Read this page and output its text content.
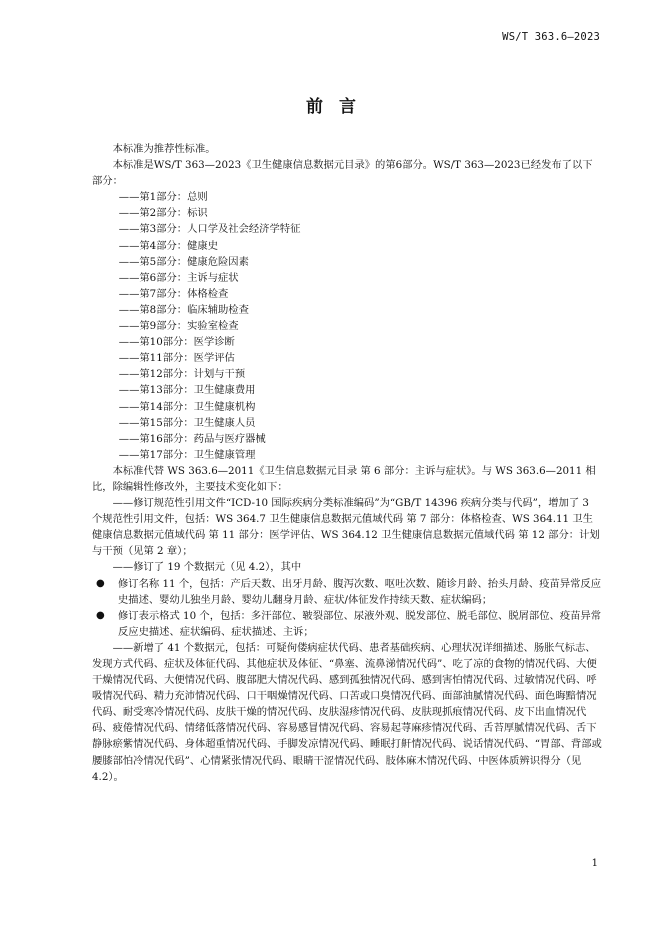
WS/T 363.6—2023
前言

本标准为推荐性标准。

本标准是WS/T 363—2023《卫生健康信息数据元目录》的第6部分。WS/T 363—2023已经发布了以下部分：

——第1部分：总则

——第2部分：标识

——第3部分：人口学及社会经济学特征

——第4部分：健康史

——第5部分：健康危险因素

——第6部分：主诉与症状

——第7部分：体格检查

——第8部分：临床辅助检查

——第9部分：实验室检查

——第10部分：医学诊断

——第11部分：医学评估

——第12部分：计划与干预

——第13部分：卫生健康费用

——第14部分：卫生健康机构

——第15部分：卫生健康人员

——第16部分：药品与医疗器械

——第17部分：卫生健康管理

本标准代替 WS 363.6—2011《卫生信息数据元目录 第 6 部分：主诉与症状》。与 WS 363.6—2011 相比，除编辑性修改外，主要技术变化如下：

——修订规范性引用文件“ICD-10 国际疾病分类标准编码”为“GB/T 14396 疾病分类与代码”，增加了 3 个规范性引用文件，包括：WS 364.7 卫生健康信息数据元值域代码 第 7 部分：体格检查、WS 364.11 卫生健康信息数据元值域代码 第 11 部分：医学评估、WS 364.12 卫生健康信息数据元值域代码 第 12 部分：计划与干预（见第 2 章）；

——修订了 19 个数据元（见 4.2），其中

●	修订名称 11 个，包括：产后天数、出牙月龄、腹泻次数、呕吐次数、随诊月龄、抬头月龄、疫苗异常反应史描述、婴幼儿独坐月龄、婴幼儿翻身月龄、症状/体征发作持续天数、症状编码；
●	修订表示格式 10 个，包括：多汗部位、皲裂部位、尿液外观、脱发部位、脱毛部位、脱屑部位、疫苗异常反应史描述、症状编码、症状描述、主诉；

——新增了 41 个数据元，包括：可疑佝偻病症状代码、患者基础疾病、心理状况详细描述、肠胀气标志、发现方式代码、症状及体征代码、其他症状及体征、“鼻塞、流鼻涕情况代码”、吃了凉的食物的情况代码、大便干燥情况代码、大便情况代码、腹部肥大情况代码、感到孤独情况代码、感到害怕情况代码、过敏情况代码、呼吸情况代码、精力充沛情况代码、口干咽燥情况代码、口苦或口臭情况代码、面部油腻情况代码、面色晦黯情况代码、耐受寒冷情况代码、皮肤干燥的情况代码、皮肤湿疹情况代码、皮肤现抓痕情况代码、皮下出血情况代码、疲倦情况代码、情绪低落情况代码、容易感冒情况代码、容易起荨麻疹情况代码、舌苔厚腻情况代码、舌下静脉瘀紫情况代码、身体超重情况代码、手脚发凉情况代码、睡眠打鼾情况代码、说话情况代码、“胃部、背部或腰膝部怕冷情况代码”、心情紧张情况代码、眼睛干涩情况代码、肢体麻木情况代码、中医体质辨识得分（见 4.2）。

1
